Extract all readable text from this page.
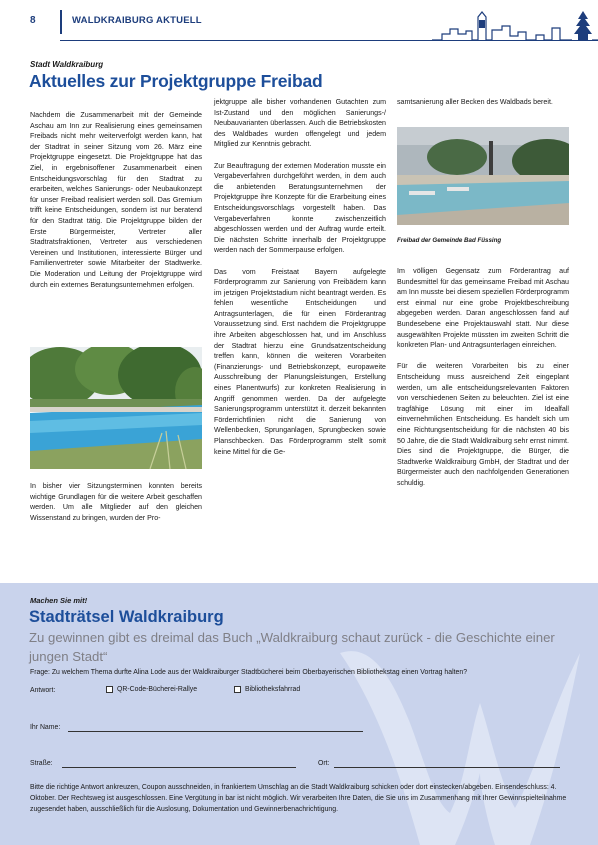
8	WALDKRAIBURG AKTUELL
Stadt Waldkraiburg
Aktuelles zur Projektgruppe Freibad

Nachdem die Zusammenarbeit mit der Gemeinde Aschau am Inn zur Realisierung eines gemeinsamen Freibads nicht mehr weiterverfolgt werden kann, hat der Stadtrat in seiner Sitzung vom 26. März eine Projektgruppe eingesetzt. Die Projektgruppe hat das Ziel, in ergebnisoffener Zusammenarbeit einen Entscheidungsvorschlag für den Stadtrat zu erarbeiten, welches Sanierungs- oder Neubaukonzept für unser Freibad realisiert werden soll. Das Gremium trifft keine Entscheidungen, sondern ist nur beratend für den Stadtrat tätig. Die Projektgruppe bilden der Erste Bürgermeister, Vertreter aller Stadtratsfraktionen, Vertreter aus verschiedenen Vereinen und Institutionen, interessierte Bürger und Familienvertreter sowie Mitarbeiter der Stadtwerke. Die Moderation und Leitung der Projektgruppe wird durch ein externes Beratungsunternehmen erfolgen.

In bisher vier Sitzungsterminen konnten bereits wichtige Grundlagen für die weitere Arbeit geschaffen werden. Um alle Mitglieder auf den gleichen Wissenstand zu bringen, wurden der Pro-

jektgruppe alle bisher vorhandenen Gutachten zum Ist-Zustand und den möglichen Sanierungs-/ Neubauvarianten überlassen. Auch die Betriebskosten des Waldbades wurden offengelegt und jedem Mitglied zur Kenntnis gebracht.

Zur Beauftragung der externen Moderation musste ein Vergabeverfahren durchgeführt werden, in dem auch die anbietenden Beratungsunternehmen der Projektgruppe ihre Konzepte für die Erarbeitung eines Entscheidungsvorschlags vorgestellt haben. Das Vergabeverfahren konnte zwischenzeitlich abgeschlossen werden und der Auftrag wurde erteilt. Die nächsten Schritte innerhalb der Projektgruppe werden nach der Sommerpause erfolgen.

Das vom Freistaat Bayern aufgelegte Förderprogramm zur Sanierung von Freibädern kann im jetzigen Projektstadium nicht beantragt werden. Es fehlen wesentliche Entscheidungen und Antragsunterlagen, die für einen Förderantrag Voraussetzung sind. Erst nachdem die Projektgruppe ihre Arbeiten abgeschlossen hat, und im Anschluss der Stadtrat hierzu eine Grundsatzentscheidung treffen kann, können die weiteren Vorarbeiten (Finanzierungs- und Betriebskonzept, europaweite Ausschreibung der Planungsleistungen, Erstellung eines Planentwurfs) zur konkreten Realisierung in Angriff genommen werden. Da der aufgelegte Sanierungsprogramm unterstützt it. derzeit bekannten Förderrichtlinien nicht die Sanierung von Wellenbecken, Sprunganlagen, Sprungbecken sowie Planschbecken. Das Förderprogramm stellt somit keine Mittel für die Ge-

samtsanierung aller Becken des Waldbads bereit.

Freibad der Gemeinde Bad Füssing

Im völligen Gegensatz zum Förderantrag auf Bundesmittel für das gemeinsame Freibad mit Aschau am Inn musste bei diesem speziellen Förderprogramm erst einmal nur eine grobe Projektbeschreibung abgegeben werden. Daran angeschlossen fand auf Bundesebene eine Projektauswahl statt. Nur diese ausgewählten Projekte müssten im zweiten Schritt die konkreten Plan- und Antragsunterlagen einreichen.

Für die weiteren Vorarbeiten bis zu einer Entscheidung muss ausreichend Zeit eingeplant werden, um alle entscheidungsrelevanten Faktoren von verschiedenen Seiten zu beleuchten. Ziel ist eine tragfähige Lösung mit einer im Idealfall einvernehmlichen Entscheidung. Es handelt sich um eine Richtungsentscheidung für die nächsten 40 bis 50 Jahre, die die Stadt Waldkraiburg sehr ernst nimmt. Dies sind die Projektgruppe, die Bürger, die Stadtwerke Waldkraiburg GmbH, der Stadtrat und der Bürgermeister auch den nachfolgenden Generationen schuldig.

Machen Sie mit!
Stadträtsel Waldkraiburg
Zu gewinnen gibt es dreimal das Buch „Waldkraiburg schaut zurück - die Geschichte einer jungen Stadt“
Frage: Zu welchem Thema durfte Alina Lode aus der Waldkraiburger Stadtbücherei beim Oberbayerischen Bibliothekstag einen Vortrag halten?
Antwort:	QR-Code-Bücherei-Rallye	Bibliotheksfahrrad
Ihr Name:
Straße:	Ort:
Bitte die richtige Antwort ankreuzen, Coupon ausschneiden, in frankiertem Umschlag an die Stadt Waldkraiburg schicken oder dort einstecken/abgeben. Einsendeschluss: 4. Oktober. Der Rechtsweg ist ausgeschlossen. Eine Vergütung in bar ist nicht möglich. Wir verarbeiten Ihre Daten, die Sie uns im Zusammenhang mit Ihrer Gewinnspielteilnahme zugesendet haben, ausschließlich für die Auslosung, Dokumentation und Gewinnerbenachrichtigung.
